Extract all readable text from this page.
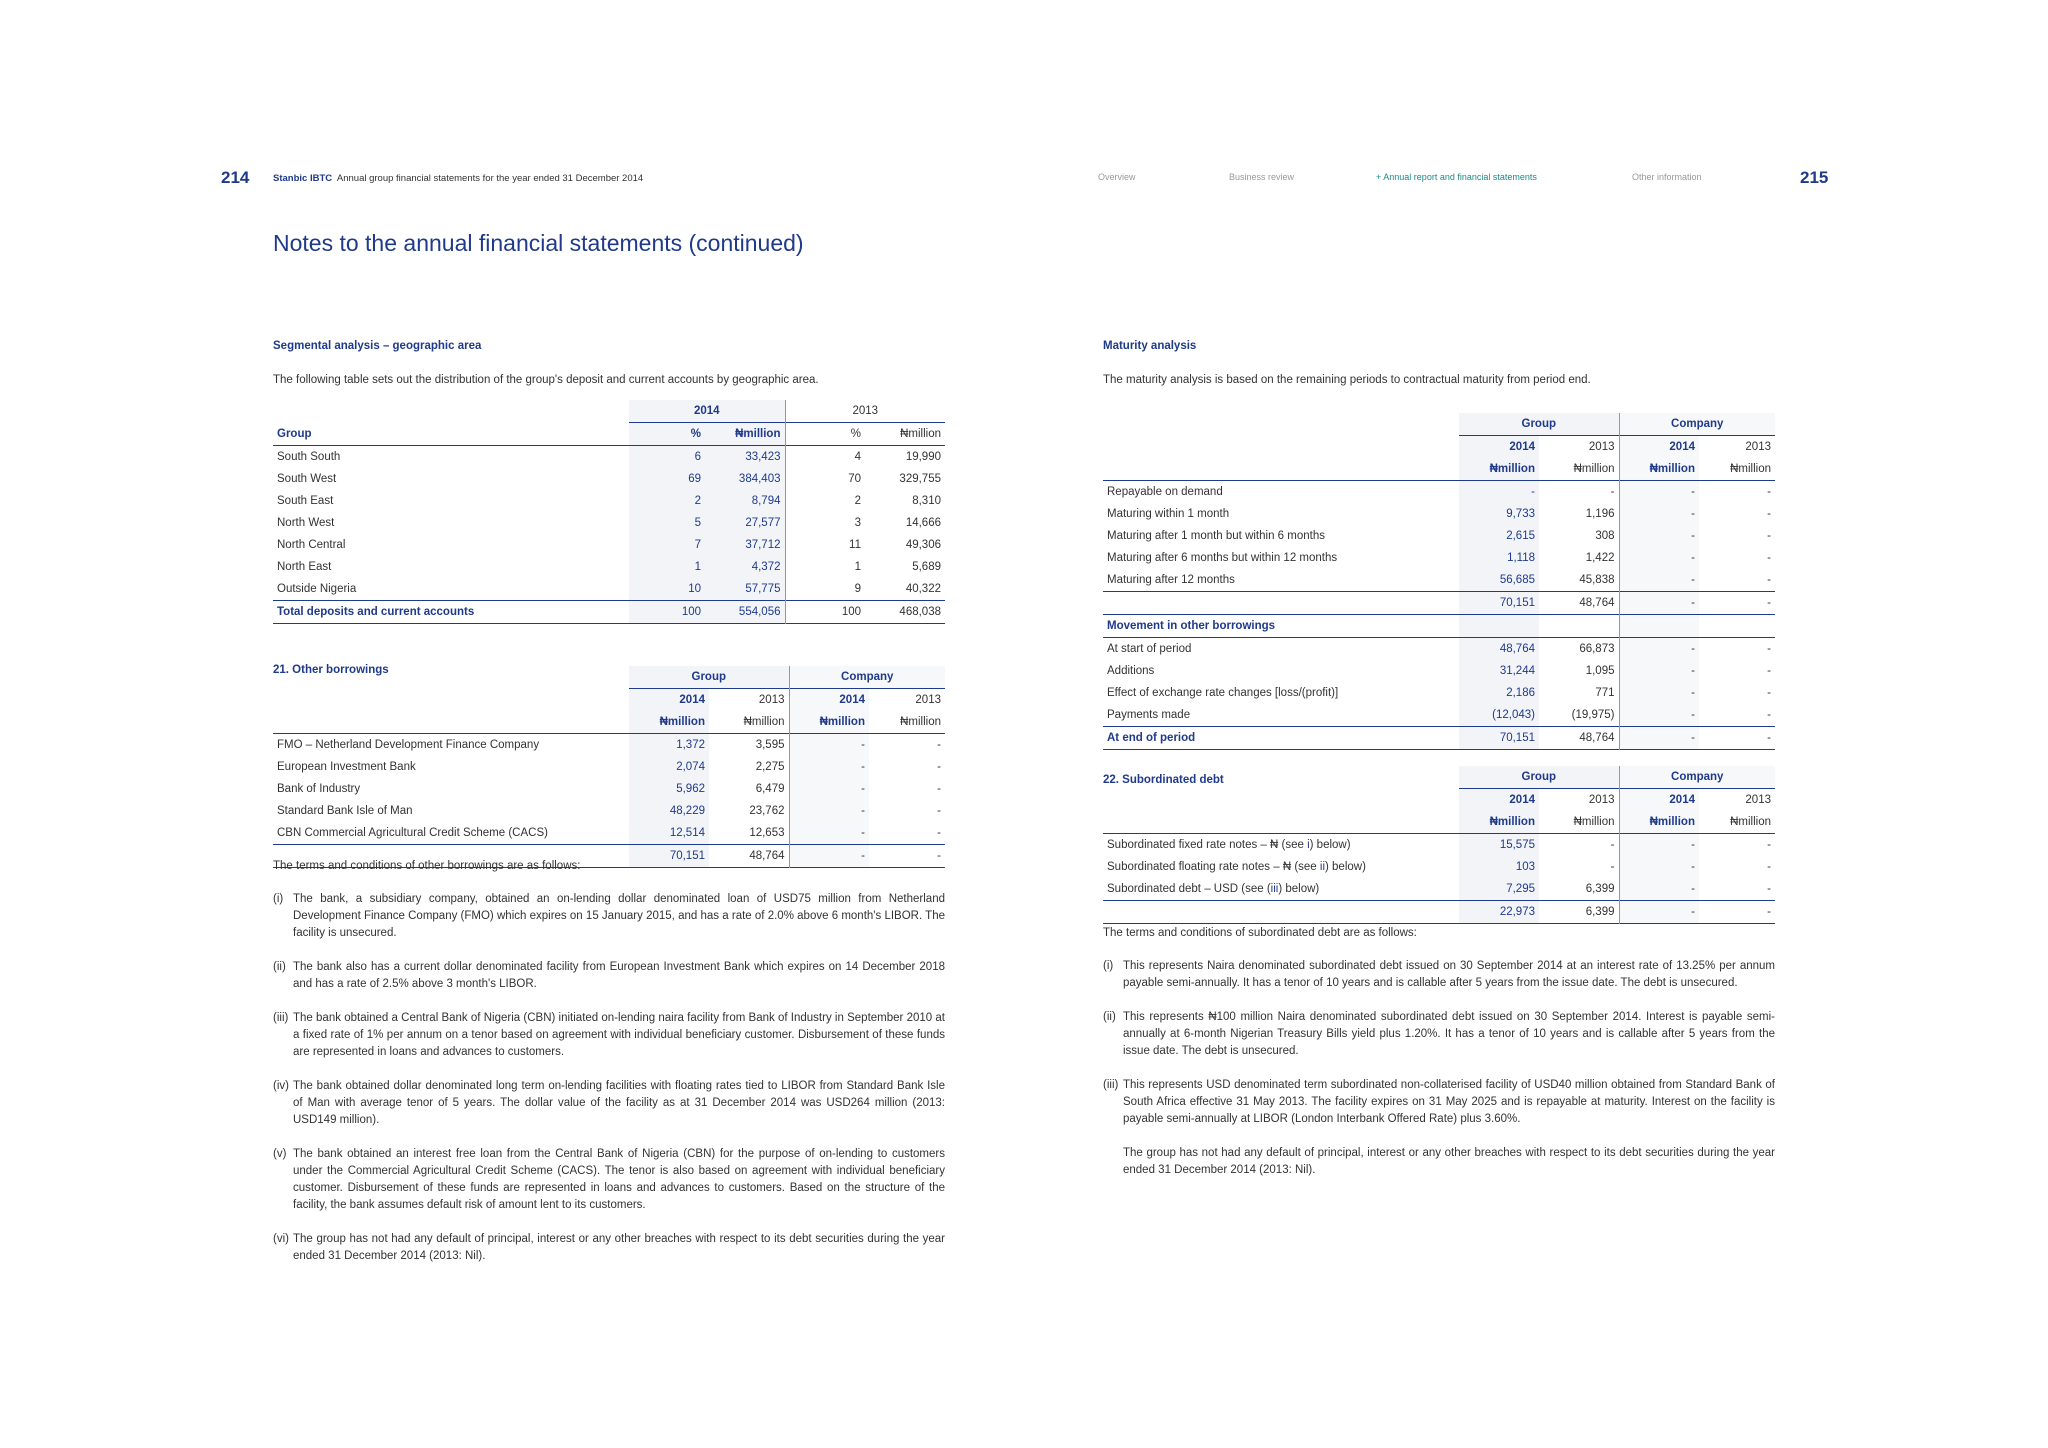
214 Stanbic IBTC Annual group financial statements for the year ended 31 December 2014	Overview	Business review	+ Annual report and financial statements	Other information	215
Notes to the annual financial statements (continued)
Segmental analysis – geographic area
The following table sets out the distribution of the group's deposit and current accounts by geographic area.
	2014		2013	
Group	%	₦million	%	₦million
South South	6	33,423	4	19,990
South West	69	384,403	70	329,755
South East	2	8,794	2	8,310
North West	5	27,577	3	14,666
North Central	7	37,712	11	49,306
North East	1	4,372	1	5,689
Outside Nigeria	10	57,775	9	40,322
Total deposits and current accounts	100	554,056	100	468,038
21. Other borrowings
	Group		Company	
	2014	2013	2014	2013
	₦million	₦million	₦million	₦million
FMO – Netherland Development Finance Company	1,372	3,595	-	-
European Investment Bank	2,074	2,275	-	-
Bank of Industry	5,962	6,479	-	-
Standard Bank Isle of Man	48,229	23,762	-	-
CBN Commercial Agricultural Credit Scheme (CACS)	12,514	12,653	-	-
	70,151	48,764	-	-
The terms and conditions of other borrowings are as follows:
(i) The bank, a subsidiary company, obtained an on-lending dollar denominated loan of USD75 million from Netherland Development Finance Company (FMO) which expires on 15 January 2015, and has a rate of 2.0% above 6 month's LIBOR. The facility is unsecured.
(ii) The bank also has a current dollar denominated facility from European Investment Bank which expires on 14 December 2018 and has a rate of 2.5% above 3 month's LIBOR.
(iii) The bank obtained a Central Bank of Nigeria (CBN) initiated on-lending naira facility from Bank of Industry in September 2010 at a fixed rate of 1% per annum on a tenor based on agreement with individual beneficiary customer. Disbursement of these funds are represented in loans and advances to customers.
(iv) The bank obtained dollar denominated long term on-lending facilities with floating rates tied to LIBOR from Standard Bank Isle of Man with average tenor of 5 years. The dollar value of the facility as at 31 December 2014 was USD264 million (2013: USD149 million).
(v) The bank obtained an interest free loan from the Central Bank of Nigeria (CBN) for the purpose of on-lending to customers under the Commercial Agricultural Credit Scheme (CACS). The tenor is also based on agreement with individual beneficiary customer. Disbursement of these funds are represented in loans and advances to customers. Based on the structure of the facility, the bank assumes default risk of amount lent to its customers.
(vi) The group has not had any default of principal, interest or any other breaches with respect to its debt securities during the year ended 31 December 2014 (2013: Nil).
Maturity analysis
The maturity analysis is based on the remaining periods to contractual maturity from period end.
	Group		Company	
	2014	2013	2014	2013
	₦million	₦million	₦million	₦million
Repayable on demand	-	-	-	-
Maturing within 1 month	9,733	1,196	-	-
Maturing after 1 month but within 6 months	2,615	308	-	-
Maturing after 6 months but within 12 months	1,118	1,422	-	-
Maturing after 12 months	56,685	45,838	-	-
	70,151	48,764	-	-
Movement in other borrowings				
At start of period	48,764	66,873	-	-
Additions	31,244	1,095	-	-
Effect of exchange rate changes [loss/(profit)]	2,186	771	-	-
Payments made	(12,043)	(19,975)	-	-
At end of period	70,151	48,764	-	-
22. Subordinated debt
		Group		Company	
	2014	2013	2014	2013
	₦million	₦million	₦million	₦million
Subordinated fixed rate notes – ₦ (see i) below)	15,575	-	-	-
Subordinated floating rate notes – ₦ (see ii) below)	103	-	-	-
Subordinated debt – USD (see (iii) below)	7,295	6,399	-	-
	22,973	6,399	-	-
The terms and conditions of subordinated debt are as follows:
(i) This represents Naira denominated subordinated debt issued on 30 September 2014 at an interest rate of 13.25% per annum payable semi-annually. It has a tenor of 10 years and is callable after 5 years from the issue date. The debt is unsecured.
(ii) This represents ₦100 million Naira denominated subordinated debt issued on 30 September 2014. Interest is payable semi-annually at 6-month Nigerian Treasury Bills yield plus 1.20%. It has a tenor of 10 years and is callable after 5 years from the issue date. The debt is unsecured.
(iii) This represents USD denominated term subordinated non-collaterised facility of USD40 million obtained from Standard Bank of South Africa effective 31 May 2013. The facility expires on 31 May 2025 and is repayable at maturity. Interest on the facility is payable semi-annually at LIBOR (London Interbank Offered Rate) plus 3.60%.
The group has not had any default of principal, interest or any other breaches with respect to its debt securities during the year ended 31 December 2014 (2013: Nil).
